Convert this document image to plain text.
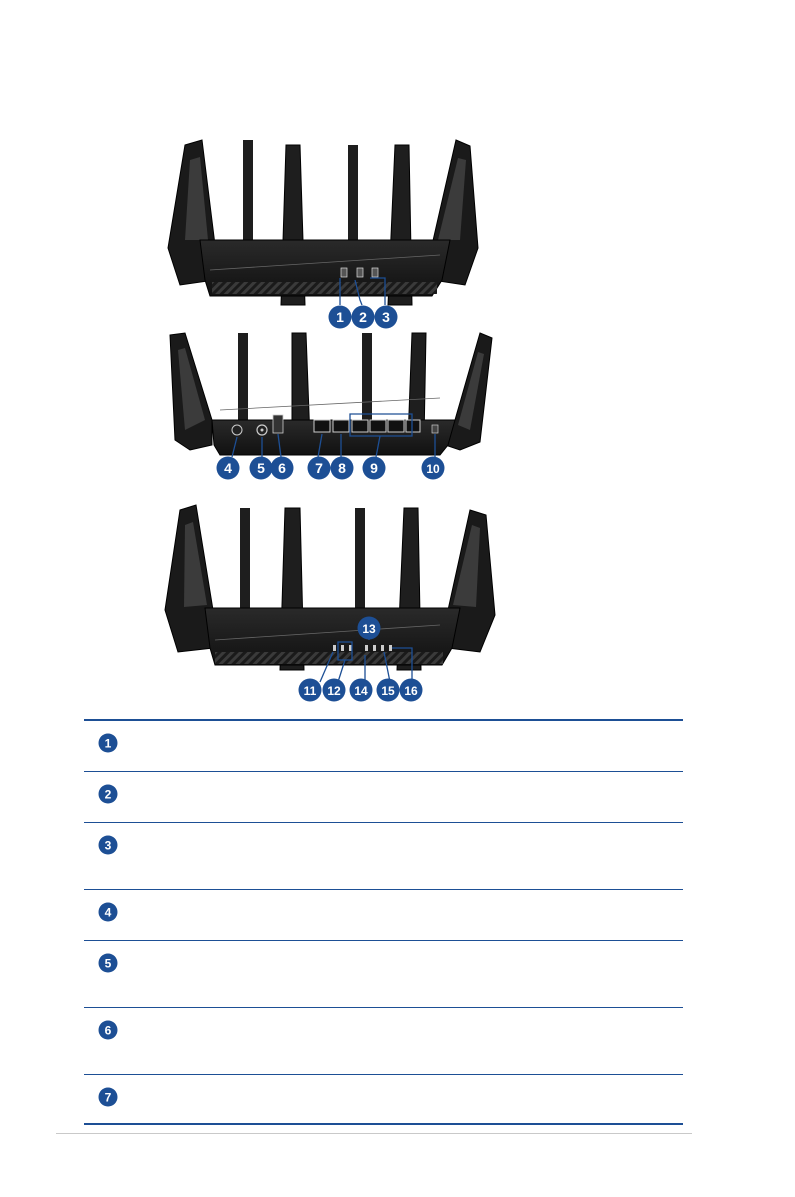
1 2 3
4 5 6 7 8 9	10
11 12
13
14 15 16
1
2
3
4
5
6
7
